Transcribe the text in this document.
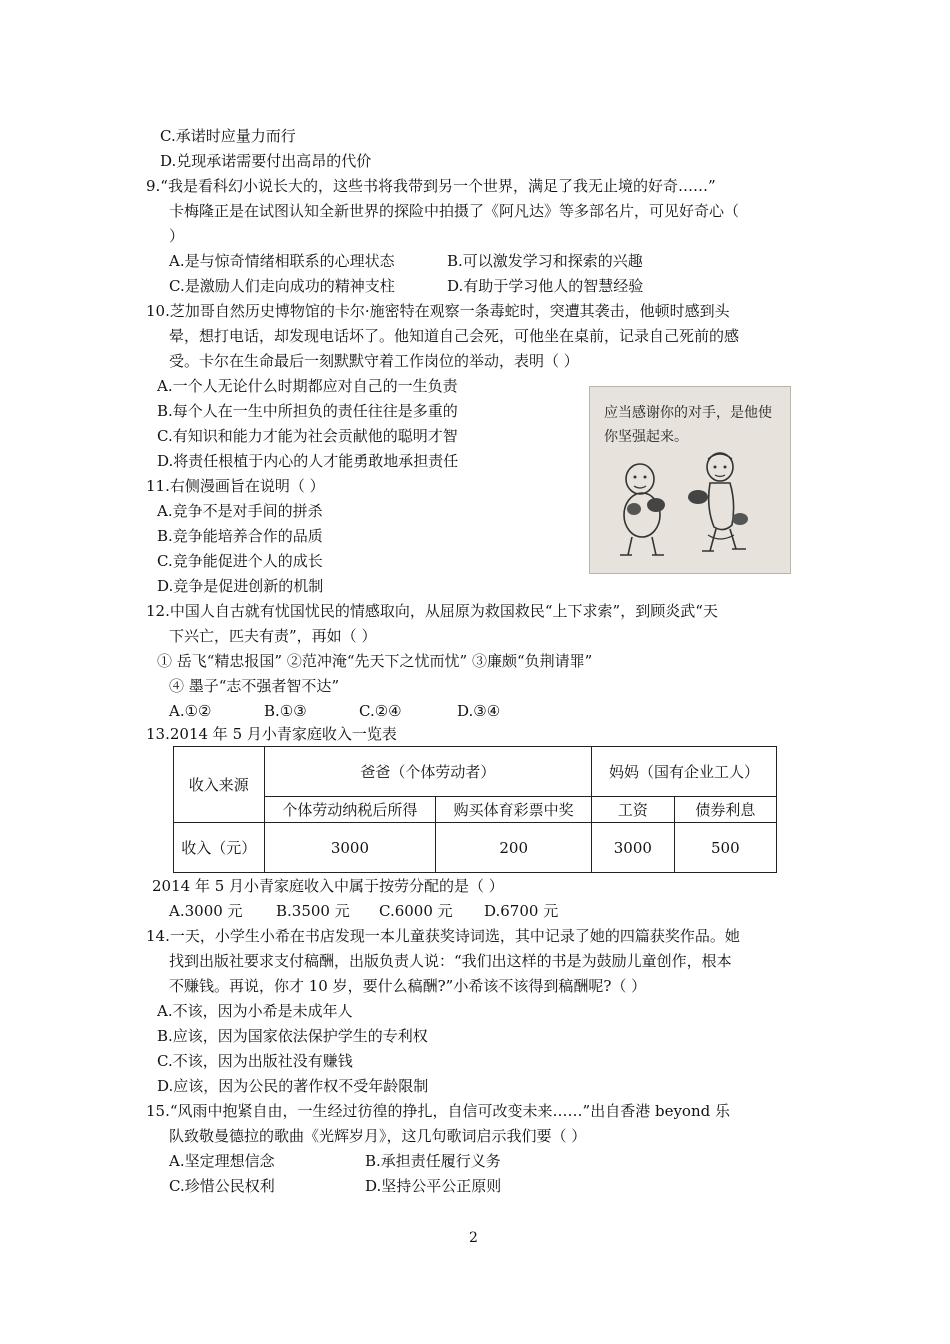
C.承诺时应量力而行
D.兑现承诺需要付出高昂的代价
9.“我是看科幻小说长大的，这些书将我带到另一个世界，满足了我无止境的好奇……”
卡梅隆正是在试图认知全新世界的探险中拍摄了《阿凡达》等多部名片，可见好奇心（
）
A.是与惊奇情绪相联系的心理状态	B.可以激发学习和探索的兴趣
C.是激励人们走向成功的精神支柱	D.有助于学习他人的智慧经验
10.芝加哥自然历史博物馆的卡尔·施密特在观察一条毒蛇时，突遭其袭击，他顿时感到头
晕，想打电话，却发现电话坏了。他知道自己会死，可他坐在桌前，记录自己死前的感
受。卡尔在生命最后一刻默默守着工作岗位的举动，表明（ ）
A.一个人无论什么时期都应对自己的一生负责
B.每个人在一生中所担负的责任往往是多重的
C.有知识和能力才能为社会贡献他的聪明才智
D.将责任根植于内心的人才能勇敢地承担责任
应当感谢你的对手，是他使你坚强起来。
11.右侧漫画旨在说明（ ）
A.竞争不是对手间的拼杀
B.竞争能培养合作的品质
C.竞争能促进个人的成长
D.竞争是促进创新的机制
12.中国人自古就有忧国忧民的情感取向，从屈原为救国救民“上下求索”，到顾炎武“天
下兴亡，匹夫有责”，再如（ ）
① 岳飞“精忠报国” ②范冲淹“先天下之忧而忧” ③廉颇“负荆请罪”
④ 墨子“志不强者智不达”
A.①②	B.①③	C.②④	D.③④
13.2014 年 5 月小青家庭收入一览表
收入来源	爸爸（个体劳动者）		妈妈（国有企业工人）	
	个体劳动纳税后所得	购买体育彩票中奖	工资	债券利息
收入（元）	3000	200	3000	500
2014 年 5 月小青家庭收入中属于按劳分配的是（ ）
A.3000 元 B.3500 元 C.6000 元 D.6700 元
14.一天，小学生小希在书店发现一本儿童获奖诗词选，其中记录了她的四篇获奖作品。她
找到出版社要求支付稿酬，出版负责人说：“我们出这样的书是为鼓励儿童创作，根本
不赚钱。再说，你才 10 岁，要什么稿酬?”小希该不该得到稿酬呢?（ ）
A.不该，因为小希是未成年人
B.应该，因为国家依法保护学生的专利权
C.不该，因为出版社没有赚钱
D.应该，因为公民的著作权不受年龄限制
15.“风雨中抱紧自由，一生经过彷徨的挣扎，自信可改变未来……”出自香港 beyond 乐
队致敬曼德拉的歌曲《光辉岁月》，这几句歌词启示我们要（ ）
A.坚定理想信念	B.承担责任履行义务
C.珍惜公民权利	D.坚持公平公正原则
2
